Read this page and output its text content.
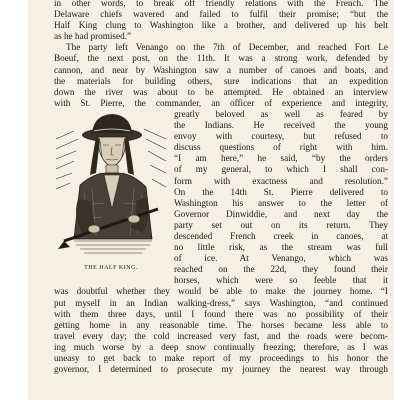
in other words, to break off friendly relations with the French. The
Delaware chiefs wavered and failed to fulfil their promise; “but the
Half King clung to Washington like a brother, and delivered up his belt
as he had promised.”
The party left Venango on the 7th of December, and reached Fort Le
Boeuf, the next post, on the 11th. It was a strong work, defended by
cannon, and near by Washington saw a number of canoes and boats, and
the materials for building others, sure indications that an expedition
down the river was about to be attempted. He obtained an interview
with St. Pierre, the commander, an officer of experience and integrity,
THE HALF KING.
greatly beloved as well as feared by
the Indians. He received the young
envoy with courtesy, but refused to
discuss questions of right with him.
“I am here,” he said, “by the orders
of my general, to which I shall con-
form with exactness and resolution.”
On the 14th St. Pierre delivered to
Washington his answer to the letter of
Governor Dinwiddie, and next day the
party set out on its return. They
descended French creek in canoes, at
no little risk, as the stream was full
of ice. At Venango, which was
reached on the 22d, they found their
horses, which were so feeble that it
was doubtful whether they would be able to make the journey home. “I
put myself in an Indian walking-dress,” says Washington, “and continued
with them three days, until I found there was no possibility of their
getting home in any reasonable time. The horses became less able to
travel every day; the cold increased very fast, and the roads were becom-
ing much worse by a deep snow continually freezing; therefore, as I was
uneasy to get back to make report of my proceedings to his honor the
governor, I determined to prosecute my journey the nearest way through
